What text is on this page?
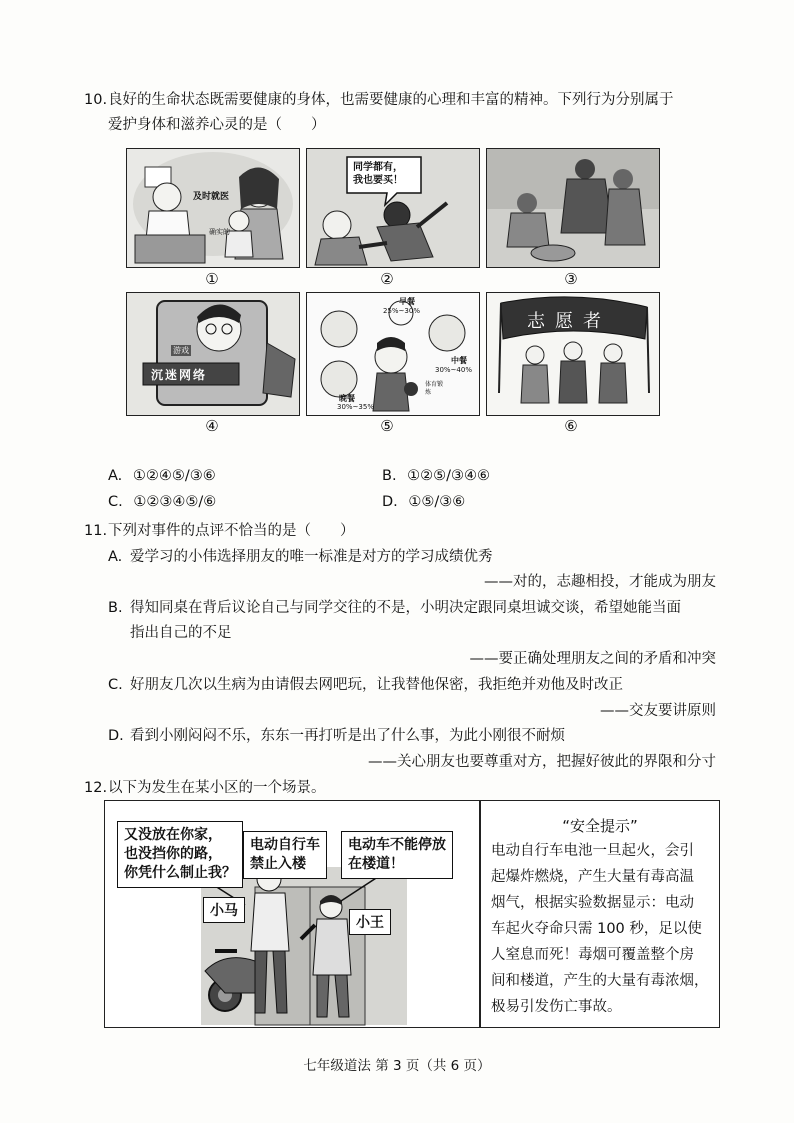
10. 良好的生命状态既需要健康的身体，也需要健康的心理和丰富的精神。下列行为分别属于
爱护身体和滋养心灵的是（　　）
及时就医
确实的
①
同学都有，
我也要买！
②	③
沉迷网络
游戏
④
早餐
25%~30%
中餐
30%~40%
晚餐
30%~35%
体育锻炼
⑤
志愿者
⑥
A. ①②④⑤/③⑥	B. ①②⑤/③④⑥
C. ①②③④⑤/⑥	D. ①⑤/③⑥
11. 下列对事件的点评不恰当的是（　　）
A. 爱学习的小伟选择朋友的唯一标准是对方的学习成绩优秀
——对的，志趣相投，才能成为朋友
B. 得知同桌在背后议论自己与同学交往的不是，小明决定跟同桌坦诚交谈，希望她能当面
指出自己的不足
——要正确处理朋友之间的矛盾和冲突
C. 好朋友几次以生病为由请假去网吧玩，让我替他保密，我拒绝并劝他及时改正
——交友要讲原则
D. 看到小刚闷闷不乐，东东一再打听是出了什么事，为此小刚很不耐烦
——关心朋友也要尊重对方，把握好彼此的界限和分寸
12. 以下为发生在某小区的一个场景。
又没放在你家，
也没挡你的路，
你凭什么制止我？
电动自行车
禁止入楼
电动车不能停放
在楼道！
小马
小王
“安全提示”
电动自行车电池一旦起火，会引
起爆炸燃烧，产生大量有毒高温
烟气，根据实验数据显示：电动
车起火夺命只需 100 秒，足以使
人窒息而死！毒烟可覆盖整个房
间和楼道，产生的大量有毒浓烟，
极易引发伤亡事故。
七年级道法 第 3 页（共 6 页）
